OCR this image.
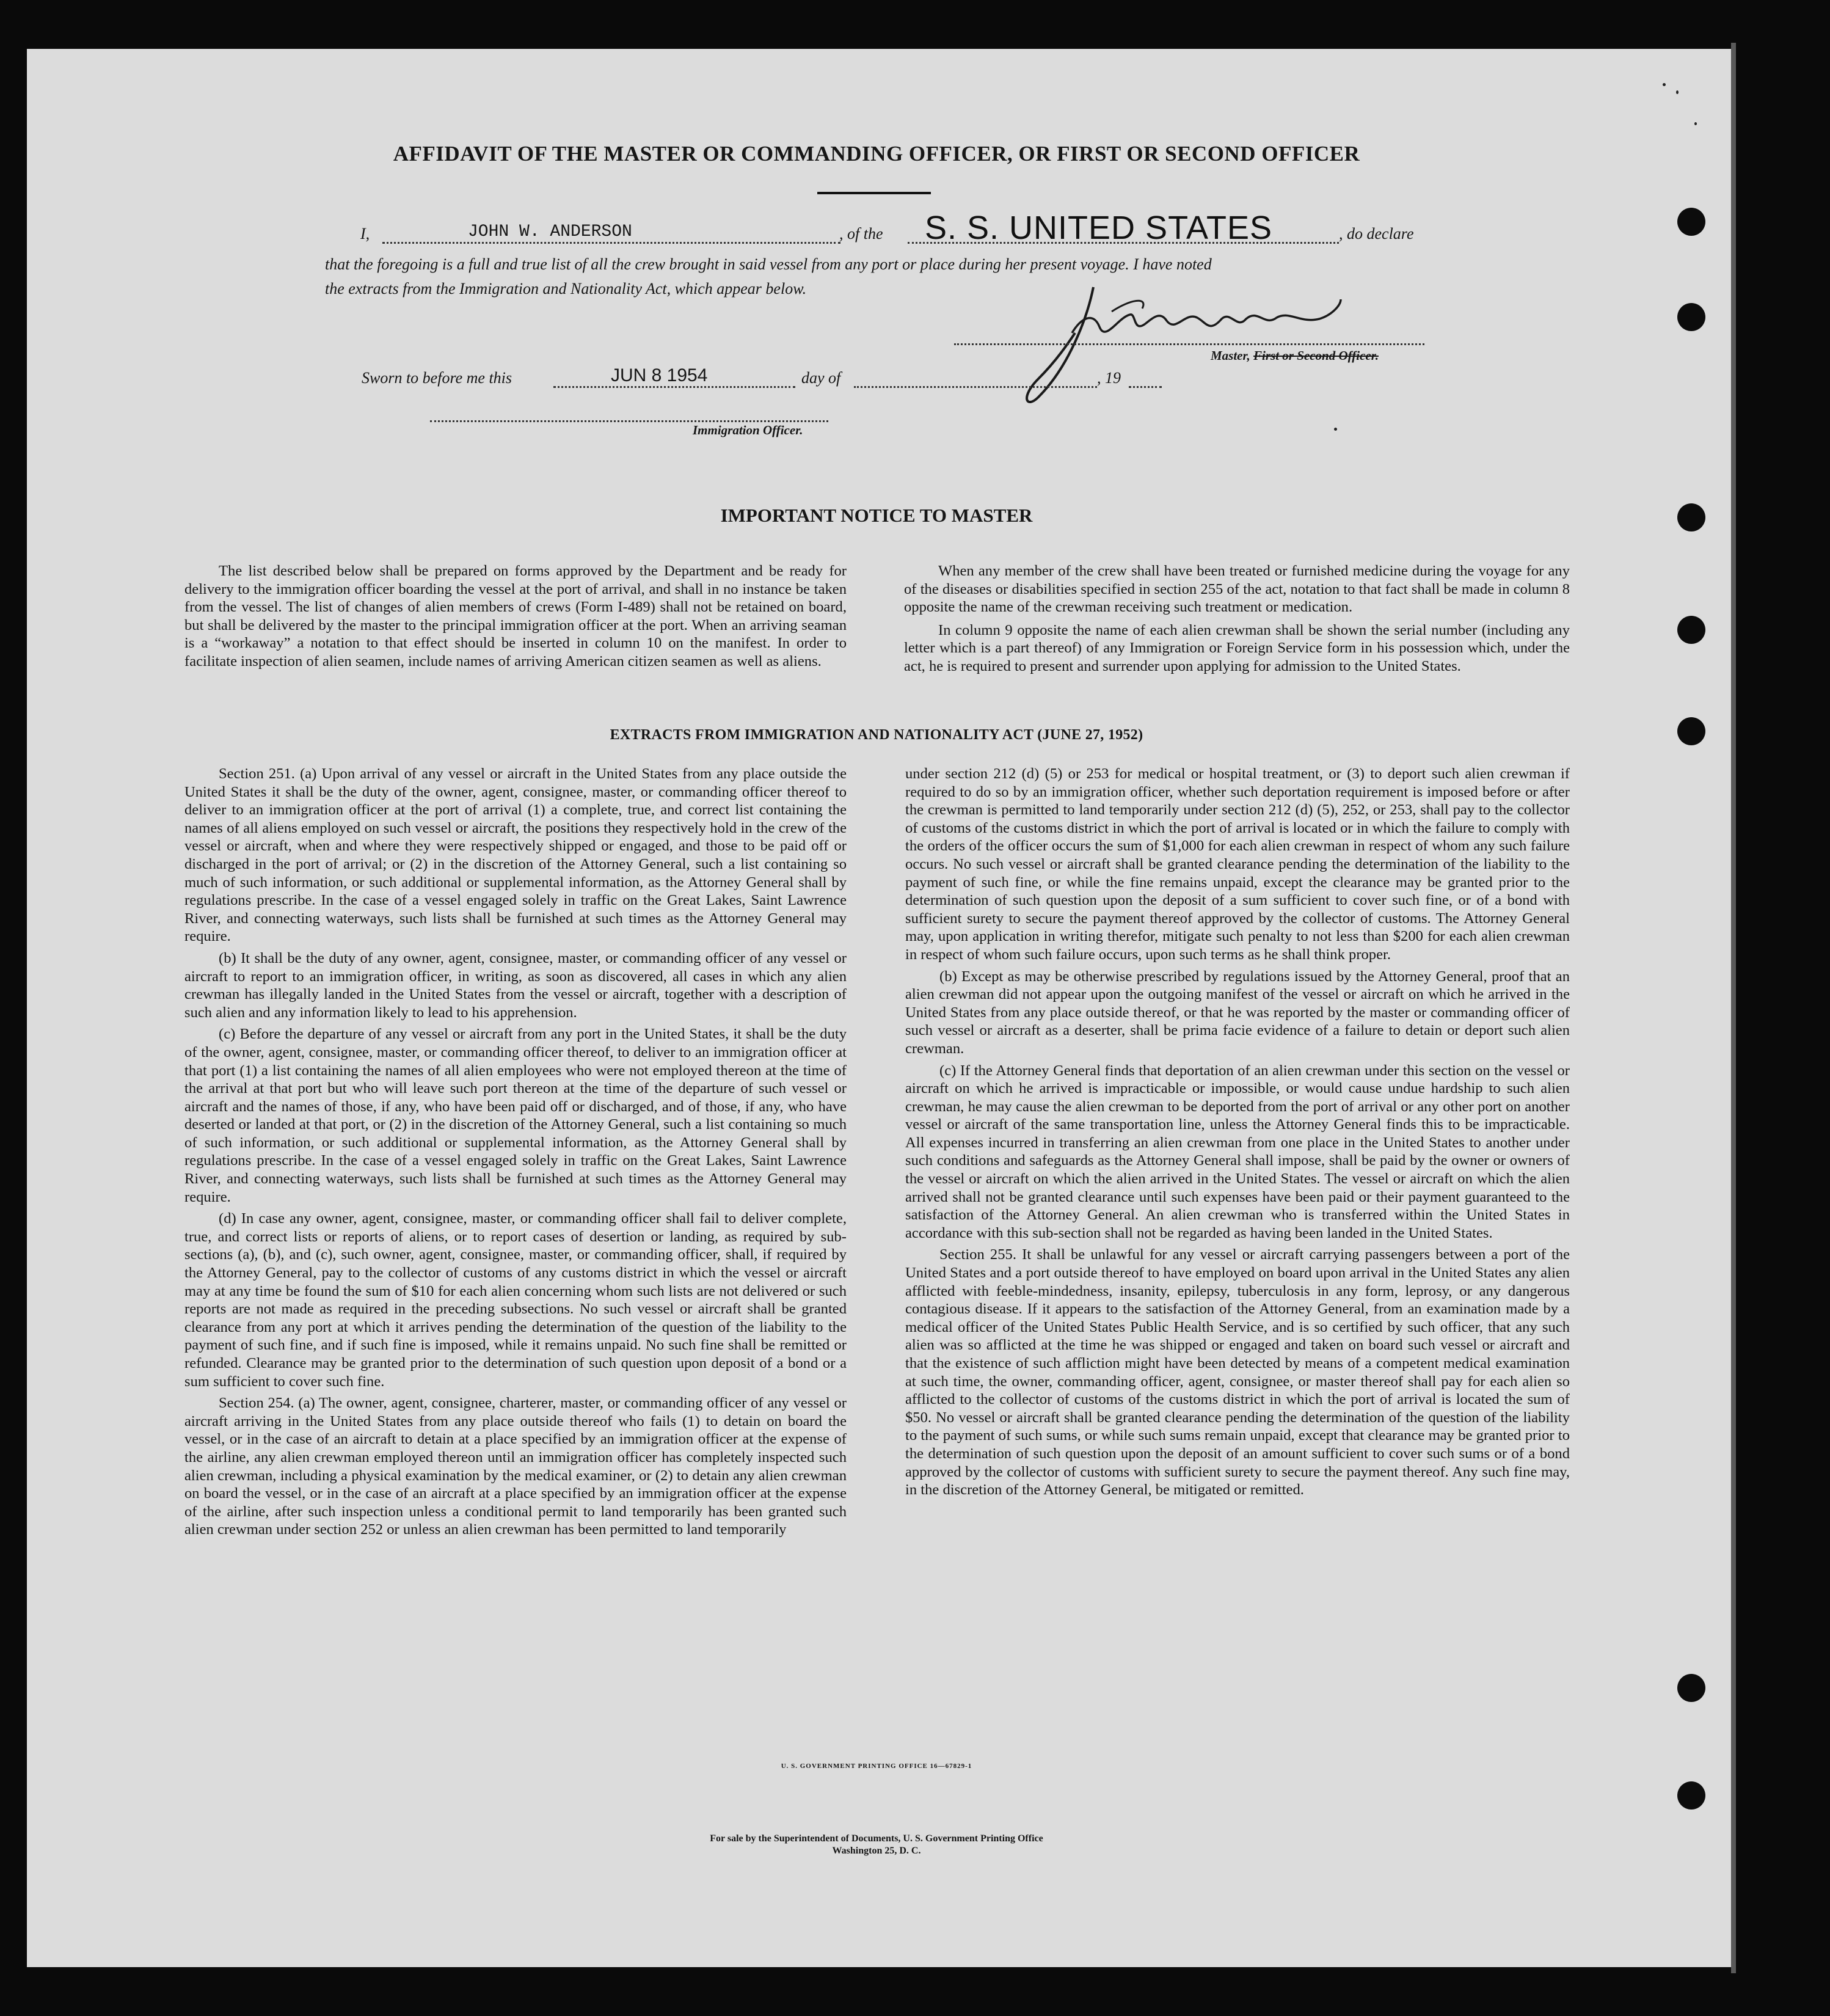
AFFIDAVIT OF THE MASTER OR COMMANDING OFFICER, OR FIRST OR SECOND OFFICER
I,	JOHN W. ANDERSON	, of the S. S. UNITED STATES	, do declare
that the foregoing is a full and true list of all the crew brought in said vessel from any port or place during her present voyage. I have noted
the extracts from the Immigration and Nationality Act, which appear below.
Master, First or Second Officer.
Sworn to before me this	JUN 8 1954	day of	, 19
Immigration Officer.
IMPORTANT NOTICE TO MASTER

The list described below shall be prepared on forms approved by the Department and be ready for delivery to the immigration officer boarding the vessel at the port of arrival, and shall in no instance be taken from the vessel. The list of changes of alien members of crews (Form I-489) shall not be retained on board, but shall be delivered by the master to the principal immigration officer at the port. When an arriving seaman is a “workaway” a notation to that effect should be inserted in column 10 on the manifest. In order to facilitate inspection of alien seamen, include names of arriving American citizen seamen as well as aliens.

When any member of the crew shall have been treated or furnished medicine during the voyage for any of the diseases or disabilities specified in section 255 of the act, notation to that fact shall be made in column 8 opposite the name of the crewman receiving such treatment or medication.

In column 9 opposite the name of each alien crewman shall be shown the serial number (including any letter which is a part thereof) of any Immigration or Foreign Service form in his possession which, under the act, he is required to present and surrender upon applying for admission to the United States.

EXTRACTS FROM IMMIGRATION AND NATIONALITY ACT (JUNE 27, 1952)

Section 251. (a) Upon arrival of any vessel or aircraft in the United States from any place outside the United States it shall be the duty of the owner, agent, consignee, master, or commanding officer thereof to deliver to an immigration officer at the port of arrival (1) a complete, true, and correct list containing the names of all aliens employed on such vessel or aircraft, the positions they respectively hold in the crew of the vessel or aircraft, when and where they were respectively shipped or engaged, and those to be paid off or discharged in the port of arrival; or (2) in the discretion of the Attorney General, such a list containing so much of such information, or such additional or supplemental information, as the Attorney General shall by regulations prescribe. In the case of a vessel engaged solely in traffic on the Great Lakes, Saint Lawrence River, and connecting waterways, such lists shall be furnished at such times as the Attorney General may require.

(b) It shall be the duty of any owner, agent, consignee, master, or commanding officer of any vessel or aircraft to report to an immigration officer, in writing, as soon as discovered, all cases in which any alien crewman has illegally landed in the United States from the vessel or aircraft, together with a description of such alien and any information likely to lead to his apprehension.

(c) Before the departure of any vessel or aircraft from any port in the United States, it shall be the duty of the owner, agent, consignee, master, or commanding officer thereof, to deliver to an immigration officer at that port (1) a list containing the names of all alien employees who were not employed thereon at the time of the arrival at that port but who will leave such port thereon at the time of the departure of such vessel or aircraft and the names of those, if any, who have been paid off or discharged, and of those, if any, who have deserted or landed at that port, or (2) in the discretion of the Attorney General, such a list containing so much of such information, or such additional or supplemental information, as the Attorney General shall by regulations prescribe. In the case of a vessel engaged solely in traffic on the Great Lakes, Saint Lawrence River, and connecting waterways, such lists shall be furnished at such times as the Attorney General may require.

(d) In case any owner, agent, consignee, master, or commanding officer shall fail to deliver complete, true, and correct lists or reports of aliens, or to report cases of desertion or landing, as required by sub-sections (a), (b), and (c), such owner, agent, consignee, master, or commanding officer, shall, if required by the Attorney General, pay to the collector of customs of any customs district in which the vessel or aircraft may at any time be found the sum of $10 for each alien concerning whom such lists are not delivered or such reports are not made as required in the preceding subsections. No such vessel or aircraft shall be granted clearance from any port at which it arrives pending the determination of the question of the liability to the payment of such fine, and if such fine is imposed, while it remains unpaid. No such fine shall be remitted or refunded. Clearance may be granted prior to the determination of such question upon deposit of a bond or a sum sufficient to cover such fine.

Section 254. (a) The owner, agent, consignee, charterer, master, or commanding officer of any vessel or aircraft arriving in the United States from any place outside thereof who fails (1) to detain on board the vessel, or in the case of an aircraft to detain at a place specified by an immigration officer at the expense of the airline, any alien crewman employed thereon until an immigration officer has completely inspected such alien crewman, including a physical examination by the medical examiner, or (2) to detain any alien crewman on board the vessel, or in the case of an aircraft at a place specified by an immigration officer at the expense of the airline, after such inspection unless a conditional permit to land temporarily has been granted such alien crewman under section 252 or unless an alien crewman has been permitted to land temporarily

under section 212 (d) (5) or 253 for medical or hospital treatment, or (3) to deport such alien crewman if required to do so by an immigration officer, whether such deportation requirement is imposed before or after the crewman is permitted to land temporarily under section 212 (d) (5), 252, or 253, shall pay to the collector of customs of the customs district in which the port of arrival is located or in which the failure to comply with the orders of the officer occurs the sum of $1,000 for each alien crewman in respect of whom any such failure occurs. No such vessel or aircraft shall be granted clearance pending the determination of the liability to the payment of such fine, or while the fine remains unpaid, except the clearance may be granted prior to the determination of such question upon the deposit of a sum sufficient to cover such fine, or of a bond with sufficient surety to secure the payment thereof approved by the collector of customs. The Attorney General may, upon application in writing therefor, mitigate such penalty to not less than $200 for each alien crewman in respect of whom such failure occurs, upon such terms as he shall think proper.

(b) Except as may be otherwise prescribed by regulations issued by the Attorney General, proof that an alien crewman did not appear upon the outgoing manifest of the vessel or aircraft on which he arrived in the United States from any place outside thereof, or that he was reported by the master or commanding officer of such vessel or aircraft as a deserter, shall be prima facie evidence of a failure to detain or deport such alien crewman.

(c) If the Attorney General finds that deportation of an alien crewman under this section on the vessel or aircraft on which he arrived is impracticable or impossible, or would cause undue hardship to such alien crewman, he may cause the alien crewman to be deported from the port of arrival or any other port on another vessel or aircraft of the same transportation line, unless the Attorney General finds this to be impracticable. All expenses incurred in transferring an alien crewman from one place in the United States to another under such conditions and safeguards as the Attorney General shall impose, shall be paid by the owner or owners of the vessel or aircraft on which the alien arrived in the United States. The vessel or aircraft on which the alien arrived shall not be granted clearance until such expenses have been paid or their payment guaranteed to the satisfaction of the Attorney General. An alien crewman who is transferred within the United States in accordance with this sub-section shall not be regarded as having been landed in the United States.

Section 255. It shall be unlawful for any vessel or aircraft carrying passengers between a port of the United States and a port outside thereof to have employed on board upon arrival in the United States any alien afflicted with feeble-mindedness, insanity, epilepsy, tuberculosis in any form, leprosy, or any dangerous contagious disease. If it appears to the satisfaction of the Attorney General, from an examination made by a medical officer of the United States Public Health Service, and is so certified by such officer, that any such alien was so afflicted at the time he was shipped or engaged and taken on board such vessel or aircraft and that the existence of such affliction might have been detected by means of a competent medical examination at such time, the owner, commanding officer, agent, consignee, or master thereof shall pay for each alien so afflicted to the collector of customs of the customs district in which the port of arrival is located the sum of $50. No vessel or aircraft shall be granted clearance pending the determination of the question of the liability to the payment of such sums, or while such sums remain unpaid, except that clearance may be granted prior to the determination of such question upon the deposit of an amount sufficient to cover such sums or of a bond approved by the collector of customs with sufficient surety to secure the payment thereof. Any such fine may, in the discretion of the Attorney General, be mitigated or remitted.

U. S. GOVERNMENT PRINTING OFFICE 16—67829-1
For sale by the Superintendent of Documents, U. S. Government Printing Office
Washington 25, D. C.
